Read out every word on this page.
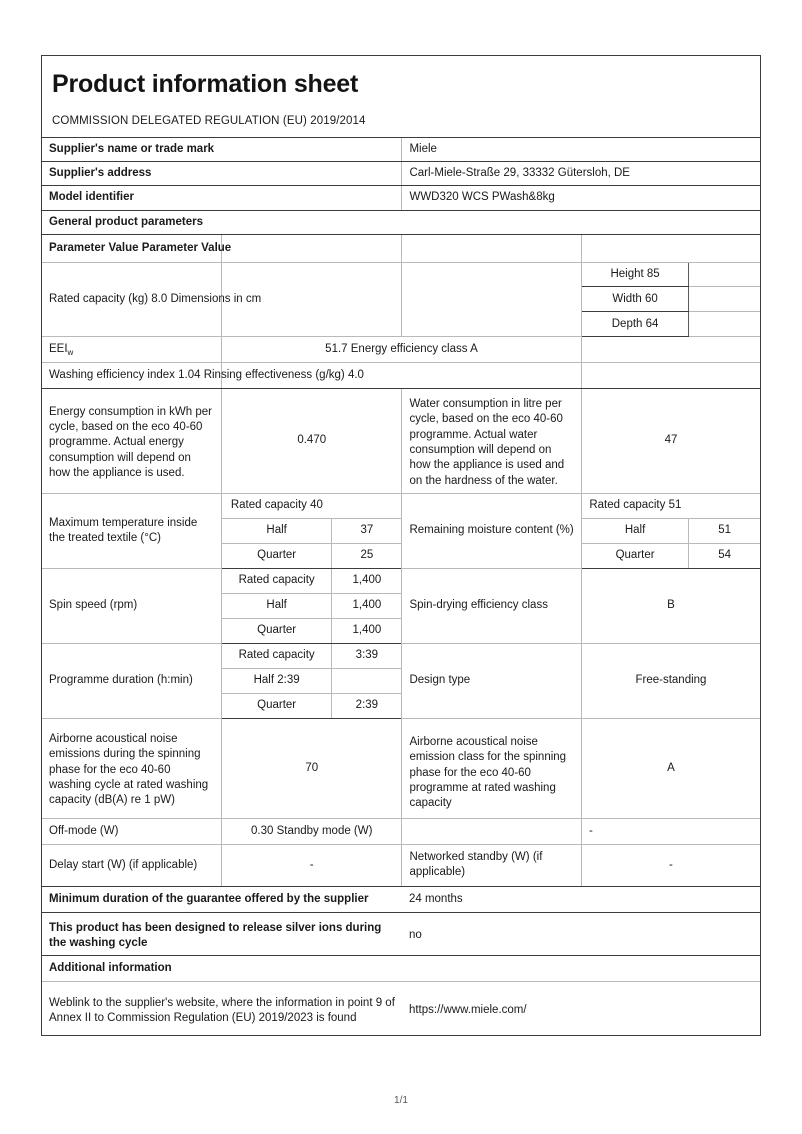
Product information sheet
COMMISSION DELEGATED REGULATION (EU) 2019/2014
Supplier's name or trade mark			Miele		
Supplier's address			Carl-Miele-Straße 29, 33332 Gütersloh, DE		
Model identifier			WWD320 WCS PWash&8kg		
General product parameters					
Parameter Value Parameter Value					
Rated capacity (kg) 8.0 Dimensions in cm				Height 85	
				Width 60	
				Depth 64	
$EEI_w$	51.7 Energy efficiency class A				
Washing efficiency index 1.04 Rinsing effectiveness (g/kg) 4.0					
Energy consumption in kWh per cycle, based on the eco 40-60 programme. Actual energy consumption will depend on how the appliance is used.	0.470		Water consumption in litre per cycle, based on the eco 40-60 programme. Actual water consumption will depend on how the appliance is used and on the hardness of the water.	47	
Maximum temperature inside the treated textile (°C)	Rated capacity 40		Remaining moisture content (%)	Rated capacity 51	
	Half	37		Half	51
	Quarter	25		Quarter	54
Spin speed (rpm)	Rated capacity	1,400	Spin-drying efficiency class	B	
	Half	1,400			
	Quarter	1,400			
Programme duration (h:min)	Rated capacity	3:39	Design type	Free-standing	
	Half 2:39				
	Quarter	2:39			
Airborne acoustical noise emissions during the spinning phase for the eco 40-60 washing cycle at rated washing capacity (dB(A) re 1 pW)	70		Airborne acoustical noise emission class for the spinning phase for the eco 40-60 programme at rated washing capacity	A	
Off-mode (W)	0.30 Standby mode (W)			-	
Delay start (W) (if applicable)	-		Networked standby (W) (if applicable)	-	
Minimum duration of the guarantee offered by the supplier			24 months		
This product has been designed to release silver ions during the washing cycle			no		
Additional information					
Weblink to the supplier's website, where the information in point 9 of Annex II to Commission Regulation (EU) 2019/2023 is found			https://www.miele.com/		
1/1
